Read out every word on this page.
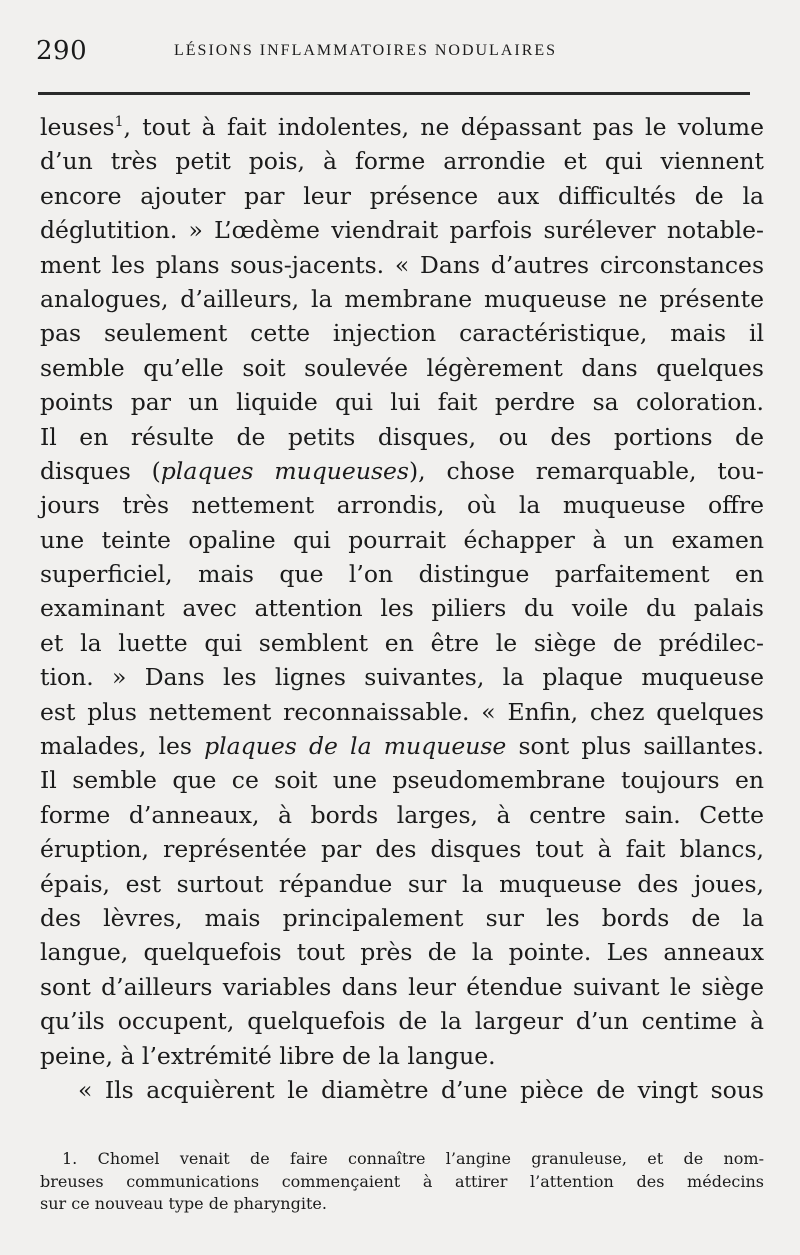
290	LÉSIONS INFLAMMATOIRES NODULAIRES
leuses$^1$, tout à fait indolentes, ne dépassant pas le volume
d’un très petit pois, à forme arrondie et qui viennent
encore ajouter par leur présence aux difficultés de la
déglutition. » L’œdème viendrait parfois surélever notable-
ment les plans sous-jacents. « Dans d’autres circonstances
analogues, d’ailleurs, la membrane muqueuse ne présente
pas seulement cette injection caractéristique, mais il
semble qu’elle soit soulevée légèrement dans quelques
points par un liquide qui lui fait perdre sa coloration.
Il en résulte de petits disques, ou des portions de
disques (plaques muqueuses), chose remarquable, tou-
jours très nettement arrondis, où la muqueuse offre
une teinte opaline qui pourrait échapper à un examen
superficiel, mais que l’on distingue parfaitement en
examinant avec attention les piliers du voile du palais
et la luette qui semblent en être le siège de prédilec-
tion. » Dans les lignes suivantes, la plaque muqueuse
est plus nettement reconnaissable. « Enfin, chez quelques
malades, les plaques de la muqueuse sont plus saillantes.
Il semble que ce soit une pseudomembrane toujours en
forme d’anneaux, à bords larges, à centre sain. Cette
éruption, représentée par des disques tout à fait blancs,
épais, est surtout répandue sur la muqueuse des joues,
des lèvres, mais principalement sur les bords de la
langue, quelquefois tout près de la pointe. Les anneaux
sont d’ailleurs variables dans leur étendue suivant le siège
qu’ils occupent, quelquefois de la largeur d’un centime à
peine, à l’extrémité libre de la langue.
« Ils acquièrent le diamètre d’une pièce de vingt sous
1. Chomel venait de faire connaître l’angine granuleuse, et de nom-
breuses communications commençaient à attirer l’attention des médecins
sur ce nouveau type de pharyngite.
